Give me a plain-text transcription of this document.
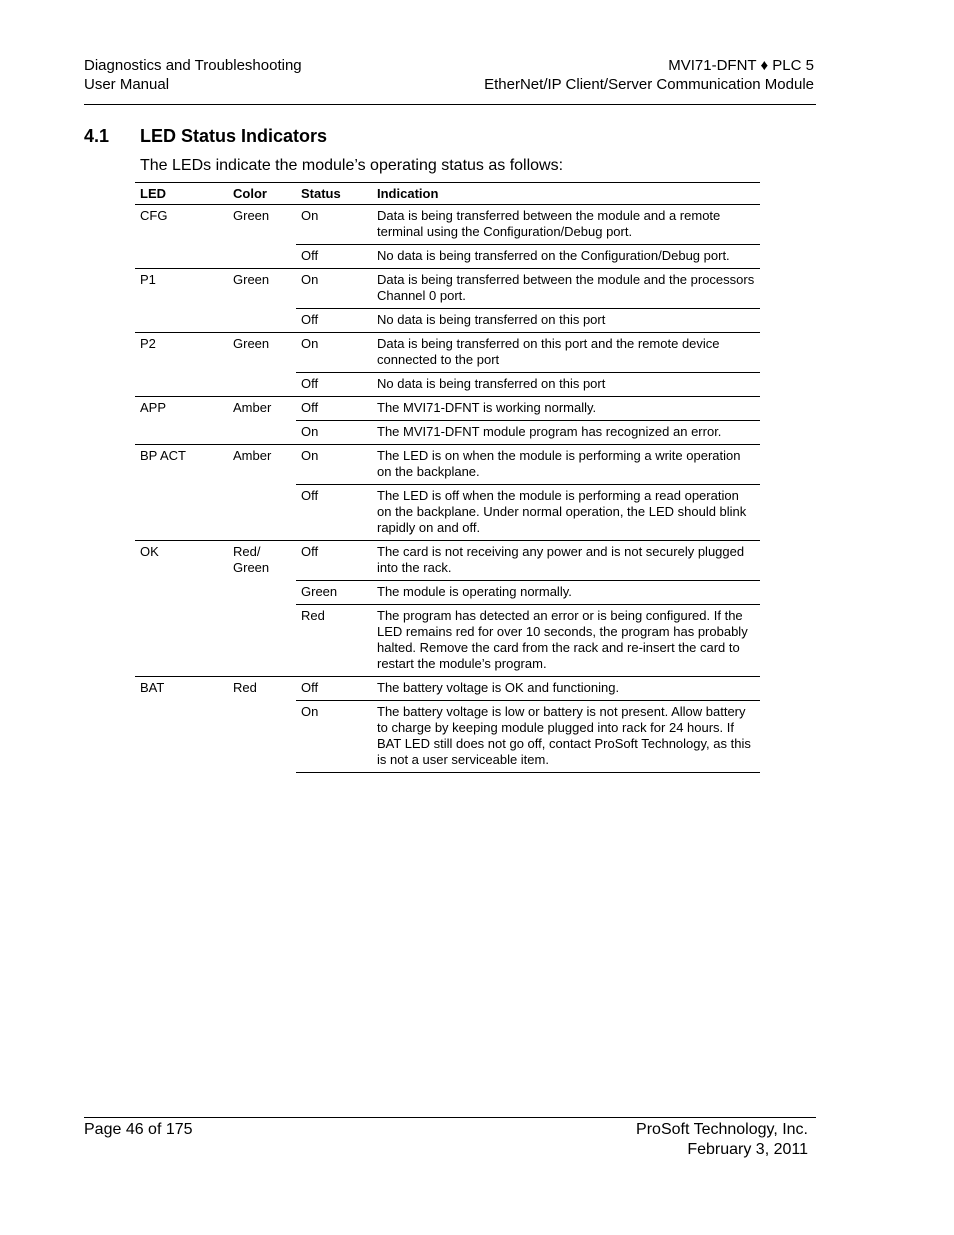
Diagnostics and Troubleshooting
User Manual
MVI71-DFNT ♦ PLC 5
EtherNet/IP Client/Server Communication Module
4.1 LED Status Indicators
The LEDs indicate the module’s operating status as follows:
LED	Color	Status	Indication
CFG	Green	On	Data is being transferred between the module and a remote terminal using the Configuration/Debug port.
		Off	No data is being transferred on the Configuration/Debug port.
P1	Green	On	Data is being transferred between the module and the processors Channel 0 port.
		Off	No data is being transferred on this port
P2	Green	On	Data is being transferred on this port and the remote device connected to the port
		Off	No data is being transferred on this port
APP	Amber	Off	The MVI71-DFNT is working normally.
		On	The MVI71-DFNT module program has recognized an error.
BP ACT	Amber	On	The LED is on when the module is performing a write operation on the backplane.
		Off	The LED is off when the module is performing a read operation on the backplane. Under normal operation, the LED should blink rapidly on and off.
OK	Red/ Green	Off	The card is not receiving any power and is not securely plugged into the rack.
		Green	The module is operating normally.
		Red	The program has detected an error or is being configured. If the LED remains red for over 10 seconds, the program has probably halted. Remove the card from the rack and re-insert the card to restart the module’s program.
BAT	Red	Off	The battery voltage is OK and functioning.
		On	The battery voltage is low or battery is not present. Allow battery to charge by keeping module plugged into rack for 24 hours. If BAT LED still does not go off, contact ProSoft Technology, as this is not a user serviceable item.
Page 46 of 175	ProSoft Technology, Inc.
February 3, 2011
